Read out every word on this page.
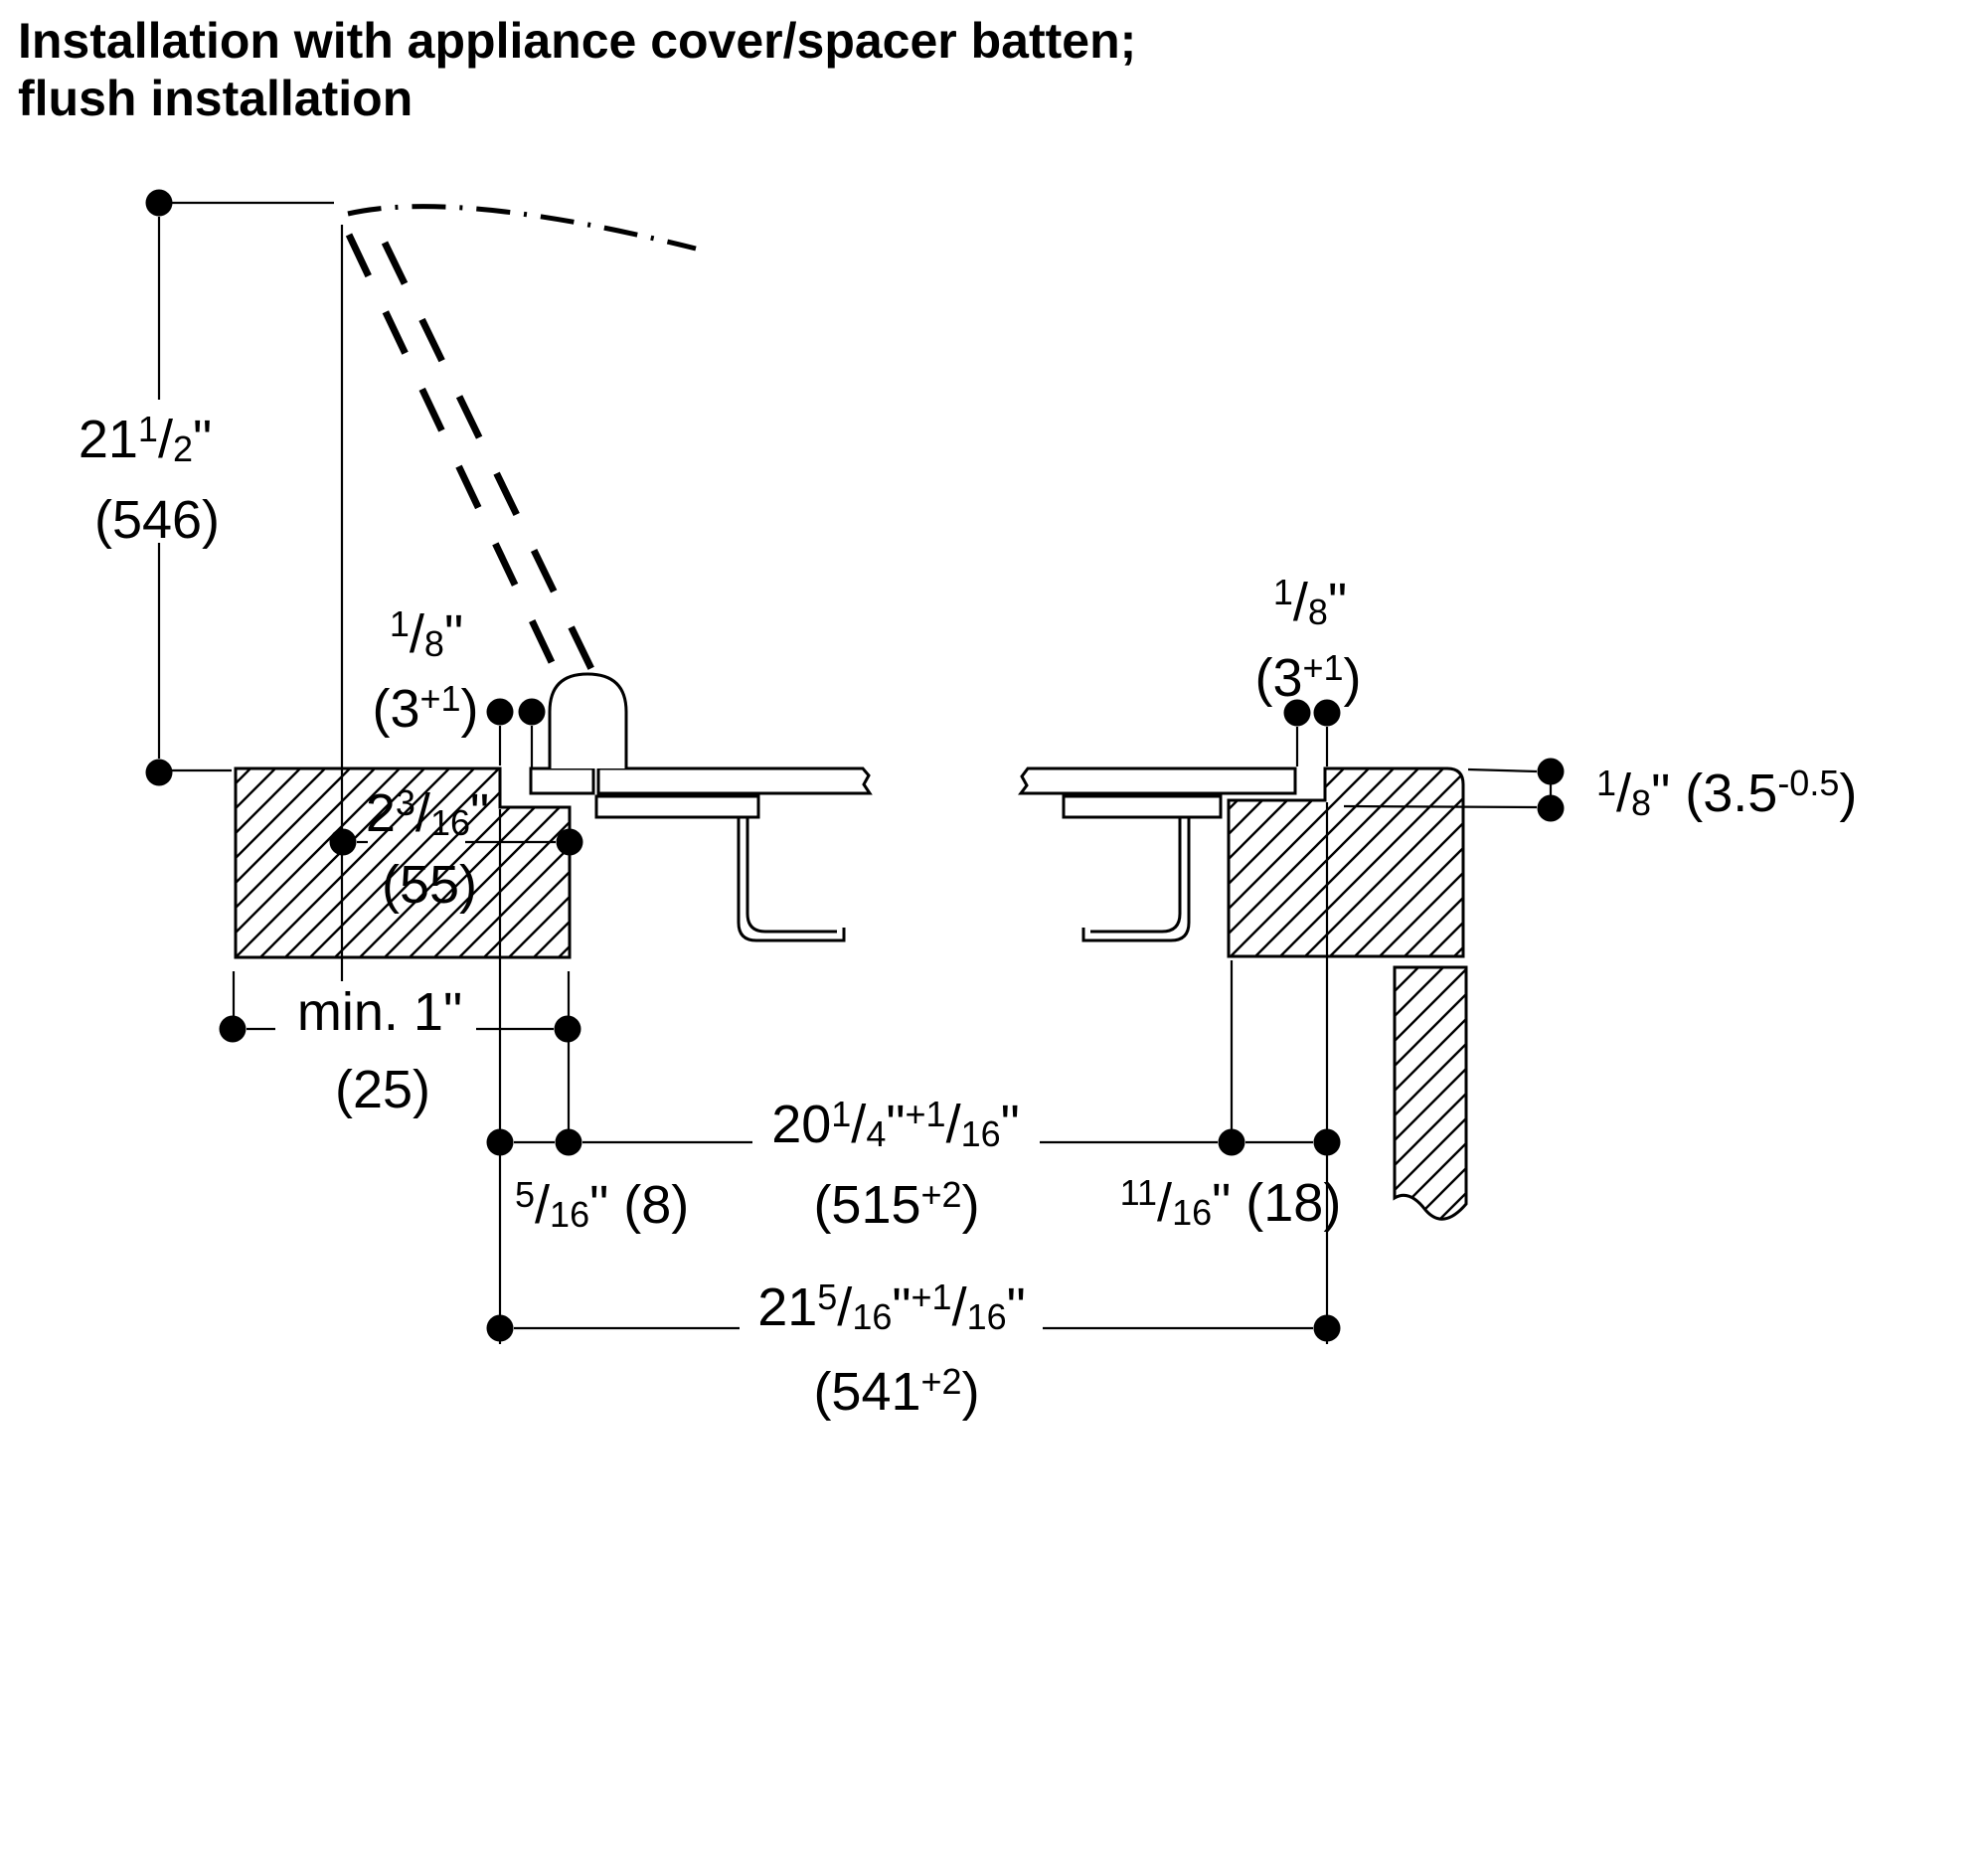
Installation with appliance cover/spacer batten;
flush installation
$21^1/2$"
(546)
$^1$/8"
$(3^{+1})$
$^1$/8"
$(3^{+1})$
$2^3/16$"
(55)
min. 1"
(25)
$^5$/16" (8)
$20^1/4"^{+1}/16$"
$(515^{+2})$	$^{11}$/16" (18)
$21^5/16"^{+1}/16$"
$(541^{+2})$
$^1$/8" $(3.5^{-0.5})$
